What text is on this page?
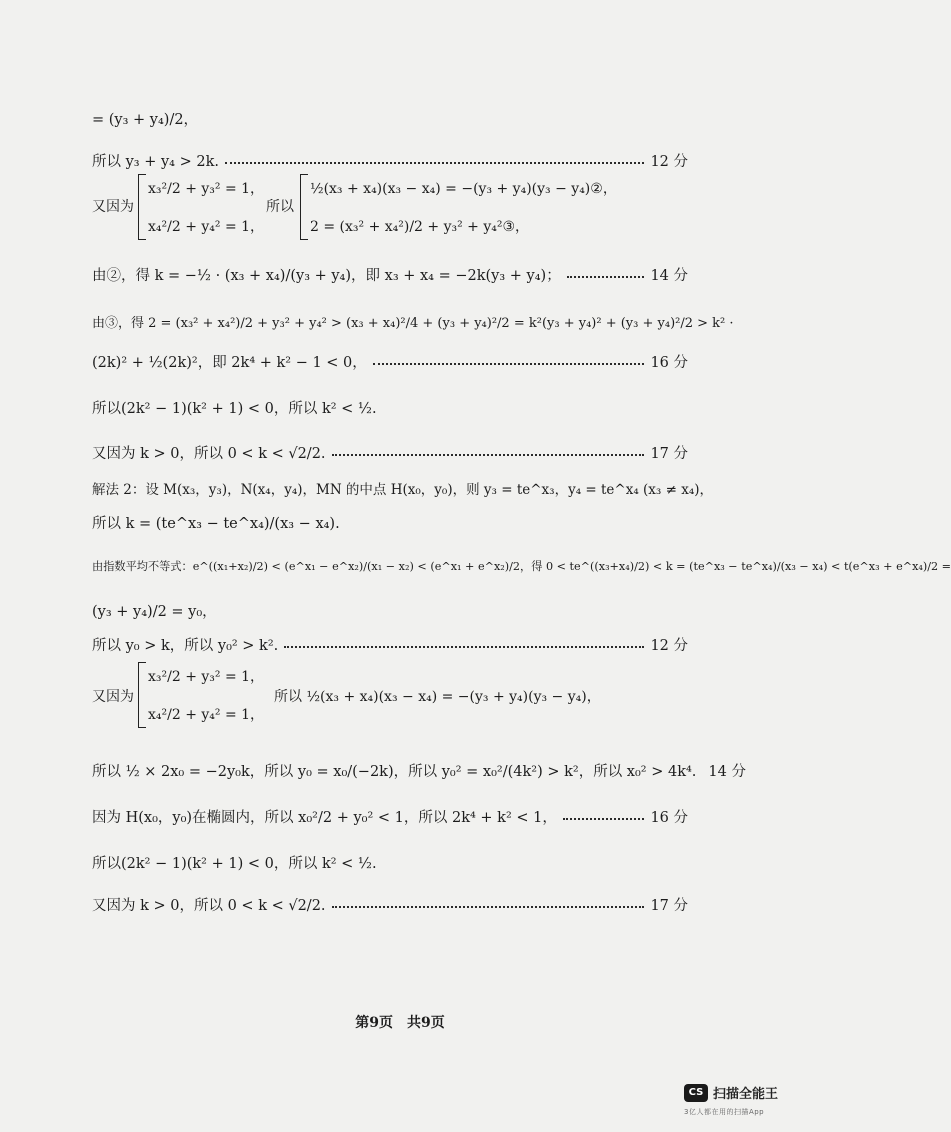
= (y₃ + y₄)/2，
所以 y₃ + y₄ > 2k.	12 分
又因为
x₃²/2 + y₃² = 1，
x₄²/2 + y₄² = 1，
所以
½(x₃ + x₄)(x₃ − x₄) = −(y₃ + y₄)(y₃ − y₄)②，
2 = (x₃² + x₄²)/2 + y₃² + y₄²③，
由②，得 k = −½ · (x₃ + x₄)/(y₃ + y₄)，即 x₃ + x₄ = −2k(y₃ + y₄)；	14 分
由③，得 2 = (x₃² + x₄²)/2 + y₃² + y₄² > (x₃ + x₄)²/4 + (y₃ + y₄)²/2 = k²(y₃ + y₄)² + (y₃ + y₄)²/2 > k² ·
(2k)² + ½(2k)²，即 2k⁴ + k² − 1 < 0，	16 分
所以(2k² − 1)(k² + 1) < 0，所以 k² < ½.
又因为 k > 0，所以 0 < k < √2/2.	17 分
解法 2：设 M(x₃，y₃)，N(x₄，y₄)，MN 的中点 H(x₀，y₀)，则 y₃ = te^x₃，y₄ = te^x₄ (x₃ ≠ x₄)，
所以 k = (te^x₃ − te^x₄)/(x₃ − x₄).
由指数平均不等式：e^((x₁+x₂)/2) < (e^x₁ − e^x₂)/(x₁ − x₂) < (e^x₁ + e^x₂)/2，得 0 < te^((x₃+x₄)/2) < k = (te^x₃ − te^x₄)/(x₃ − x₄) < t(e^x₃ + e^x₄)/2 =
(y₃ + y₄)/2 = y₀，
所以 y₀ > k，所以 y₀² > k².	12 分
又因为
x₃²/2 + y₃² = 1，
x₄²/2 + y₄² = 1，
所以 ½(x₃ + x₄)(x₃ − x₄) = −(y₃ + y₄)(y₃ − y₄)，
所以 ½ × 2x₀ = −2y₀k，所以 y₀ = x₀/(−2k)，所以 y₀² = x₀²/(4k²) > k²，所以 x₀² > 4k⁴. 14 分
因为 H(x₀，y₀)在椭圆内，所以 x₀²/2 + y₀² < 1，所以 2k⁴ + k² < 1，	16 分
所以(2k² − 1)(k² + 1) < 0，所以 k² < ½.
又因为 k > 0，所以 0 < k < √2/2.	17 分
第9页　共9页
CS 扫描全能王
3亿人都在用的扫描App
